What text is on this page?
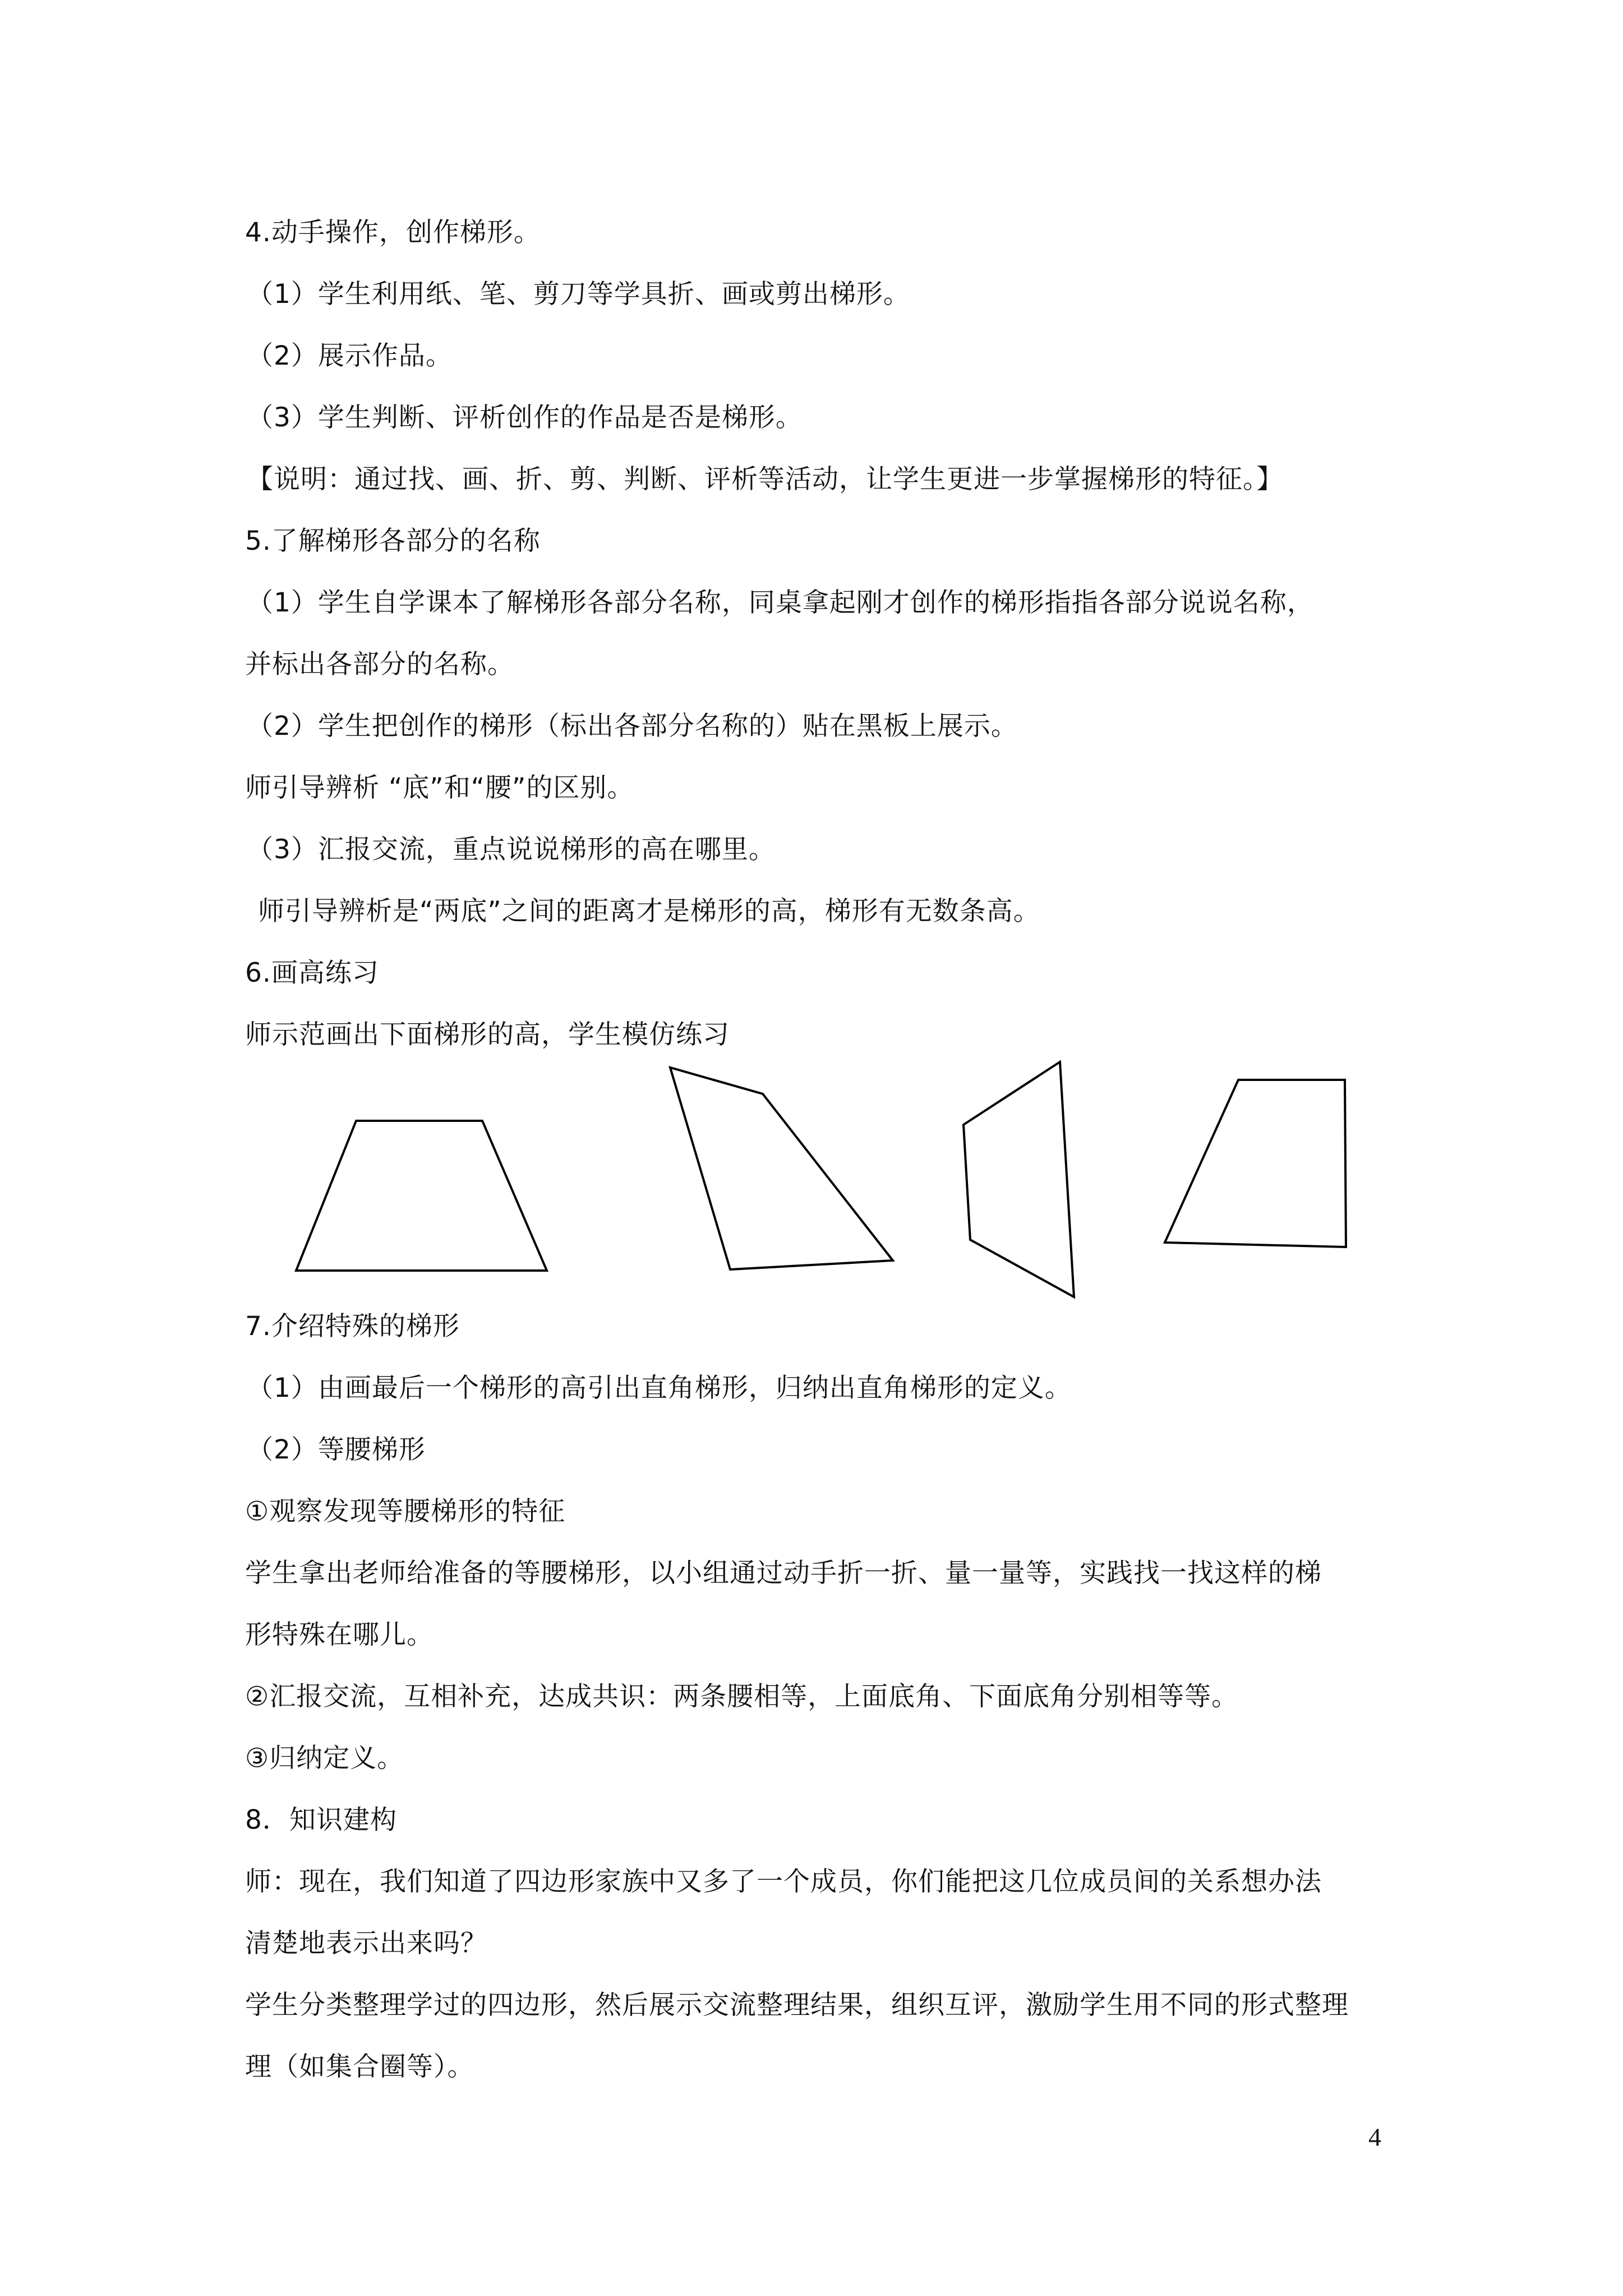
4.动手操作，创作梯形。
（1）学生利用纸、笔、剪刀等学具折、画或剪出梯形。
（2）展示作品。
（3）学生判断、评析创作的作品是否是梯形。
【说明：通过找、画、折、剪、判断、评析等活动，让学生更进一步掌握梯形的特征。】
5.了解梯形各部分的名称
（1）学生自学课本了解梯形各部分名称，同桌拿起刚才创作的梯形指指各部分说说名称，
并标出各部分的名称。
（2）学生把创作的梯形（标出各部分名称的）贴在黑板上展示。
师引导辨析 “底”和“腰”的区别。
（3）汇报交流，重点说说梯形的高在哪里。
师引导辨析是“两底”之间的距离才是梯形的高，梯形有无数条高。
6.画高练习
师示范画出下面梯形的高，学生模仿练习
7.介绍特殊的梯形
（1）由画最后一个梯形的高引出直角梯形，归纳出直角梯形的定义。
（2）等腰梯形
①观察发现等腰梯形的特征
学生拿出老师给准备的等腰梯形，以小组通过动手折一折、量一量等，实践找一找这样的梯
形特殊在哪儿。
②汇报交流，互相补充，达成共识：两条腰相等，上面底角、下面底角分别相等等。
③归纳定义。
8．知识建构
师：现在，我们知道了四边形家族中又多了一个成员，你们能把这几位成员间的关系想办法
清楚地表示出来吗？
学生分类整理学过的四边形，然后展示交流整理结果，组织互评，激励学生用不同的形式整理
理（如集合圈等）。
4
